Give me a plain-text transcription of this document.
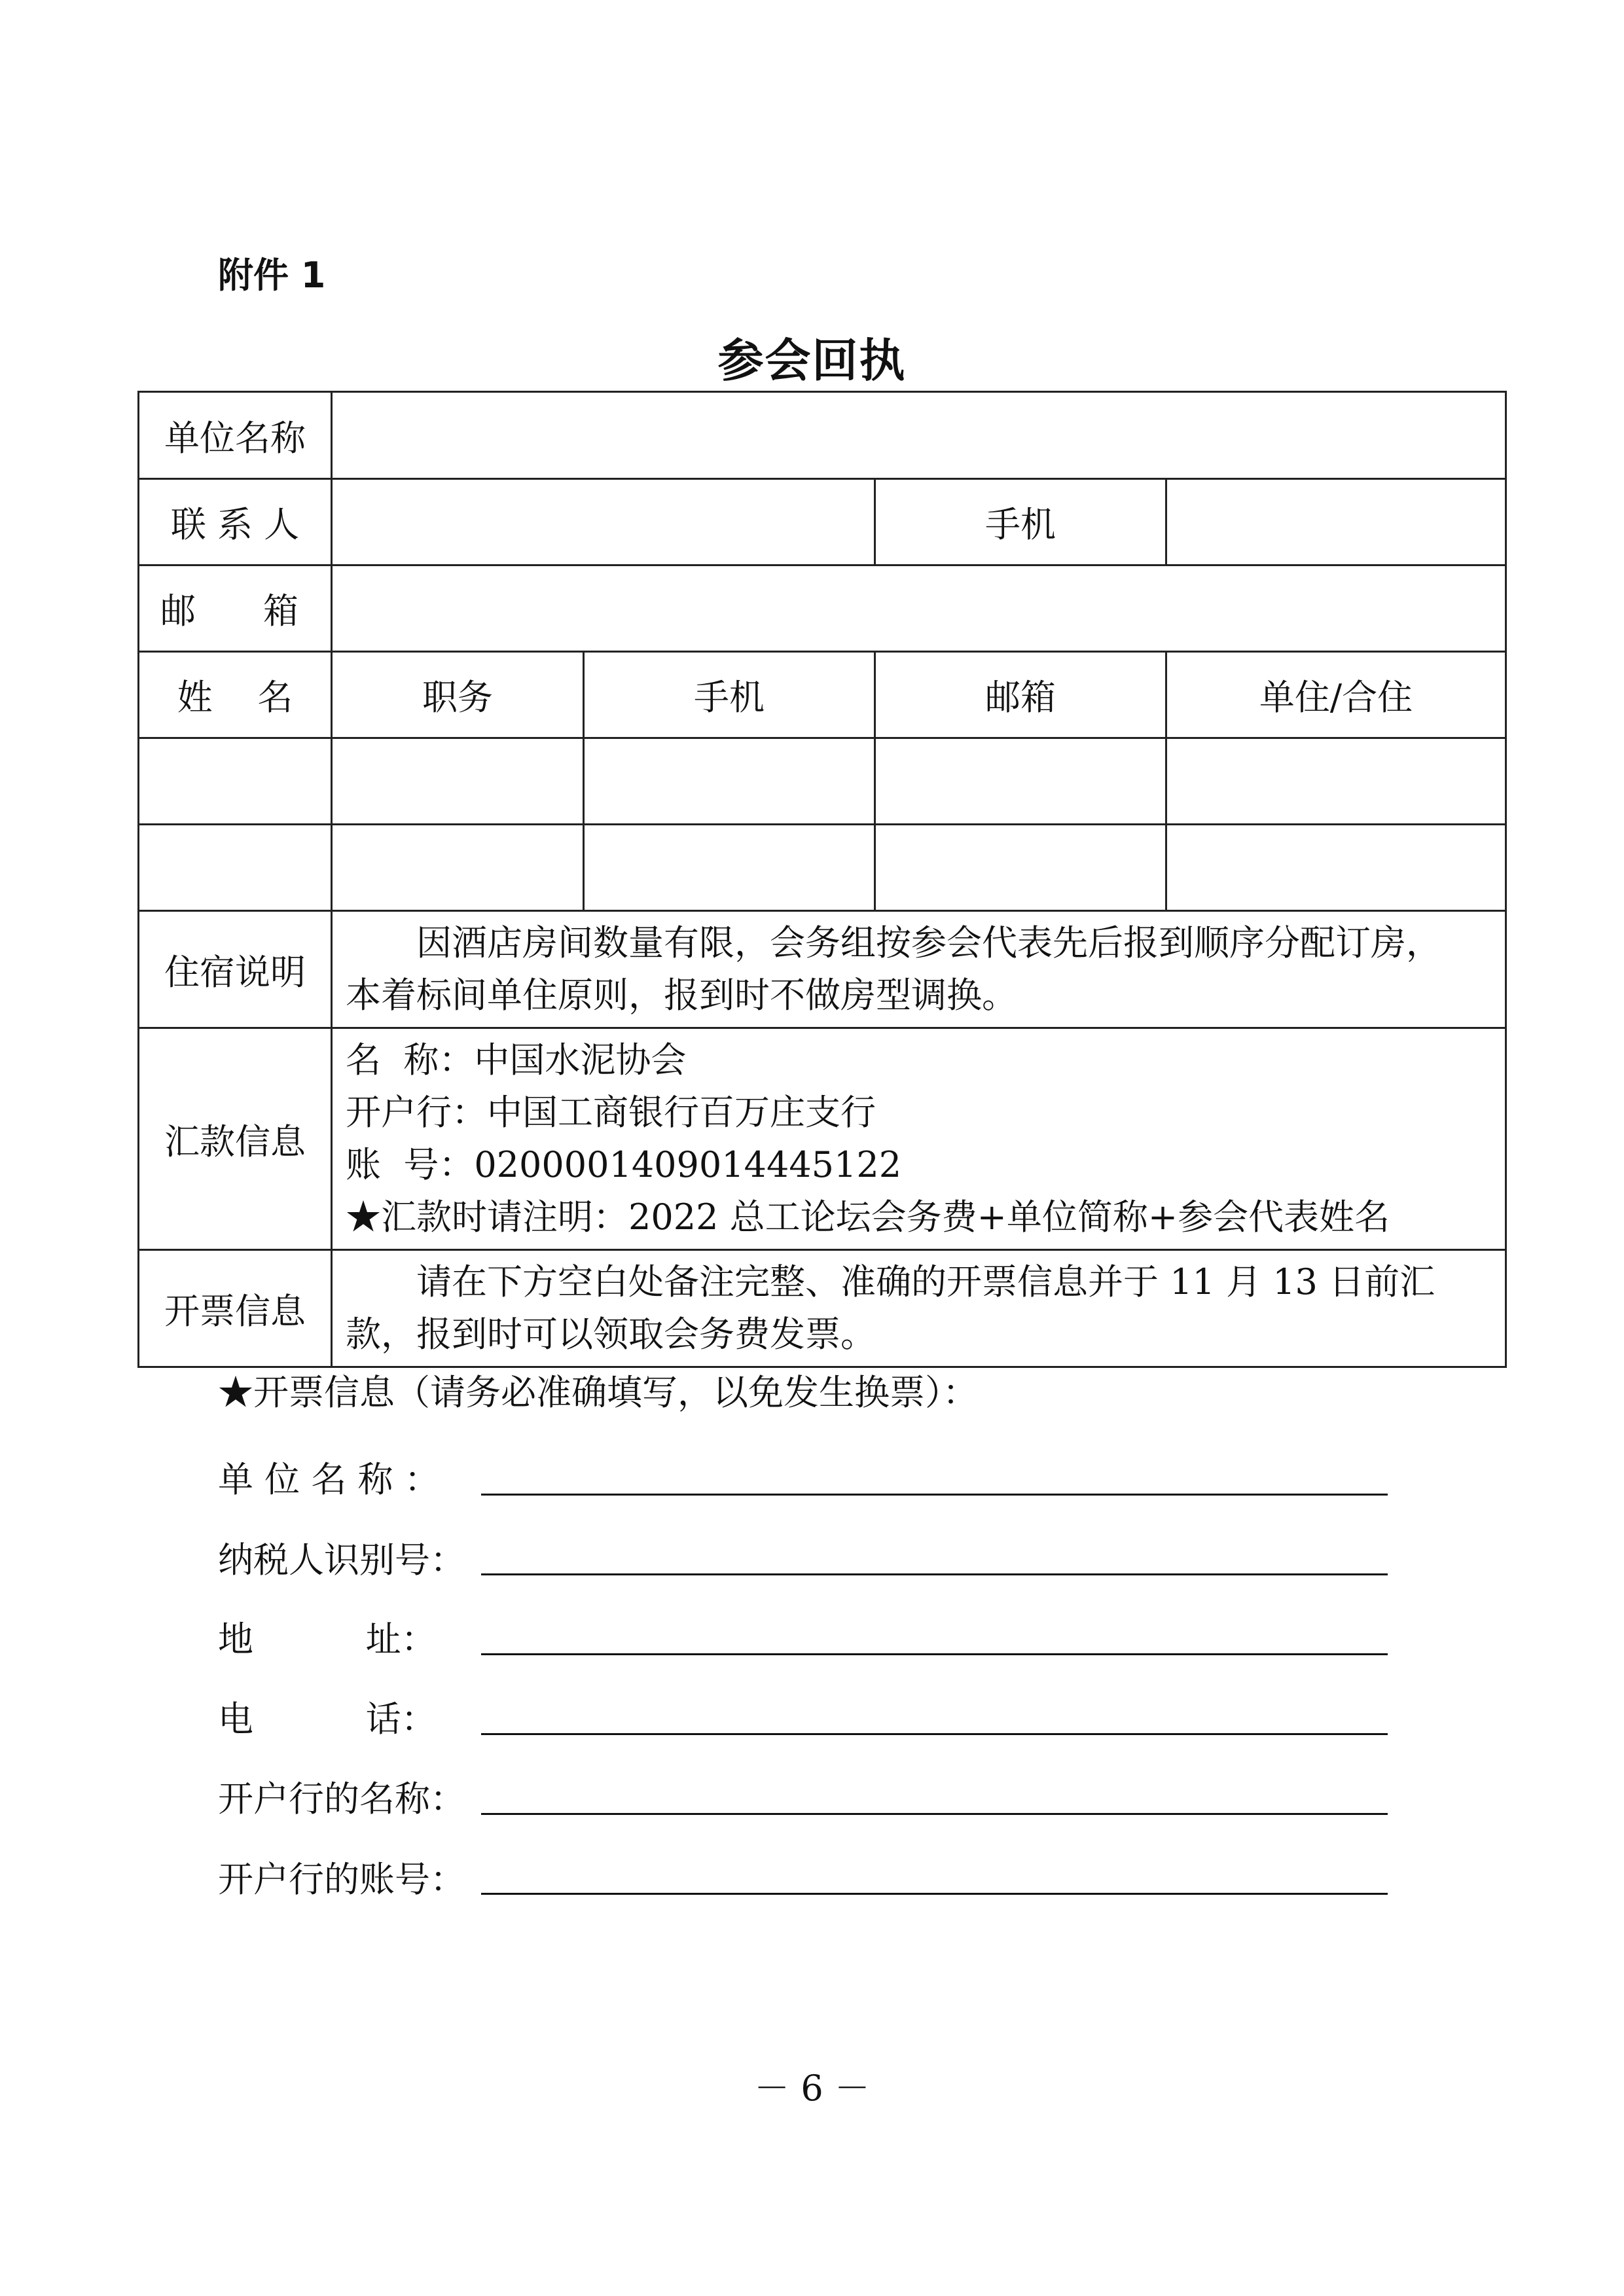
附件 1
参会回执
单位名称				
联 系 人			手机	
邮      箱				
姓    名	职务	手机	邮箱	单住/合住

住宿说明	因酒店房间数量有限，会务组按参会代表先后报到顺序分配订房，
本着标间单住原则，报到时不做房型调换。			

汇款信息	名  称：中国水泥协会
开户行：中国工商银行百万庄支行
账  号：0200001409014445122
★汇款时请注明：2022 总工论坛会务费+单位简称+参会代表姓名			

开票信息	请在下方空白处备注完整、准确的开票信息并于 11 月 13 日前汇
款，报到时可以领取会务费发票。			
★开票信息（请务必准确填写，以免发生换票）：
单 位 名 称 ：
纳税人识别号：
地          址：
电          话：
开户行的名称：
开户行的账号：
－ 6 －
